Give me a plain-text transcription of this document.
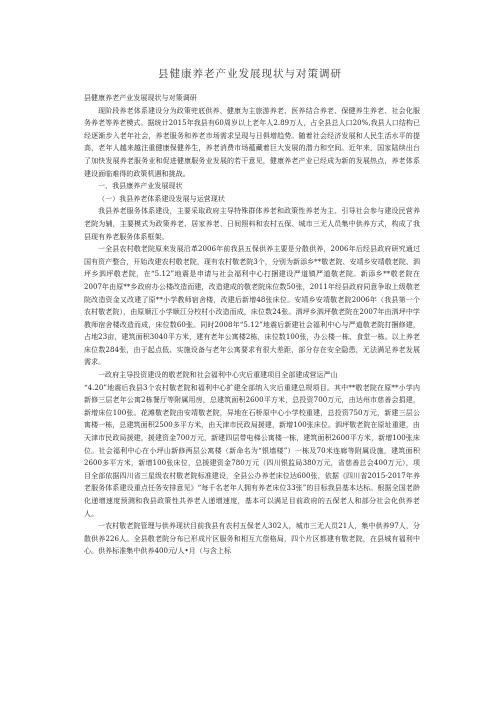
县健康养老产业发展现状与对策调研

县健康养老产业发展现状与对策调研

现阶段养老体系建设分为政策兜底供养、健康为主旅游养老、医养结合养老、保健养生养老、社会化服务养老等养老模式。据统计2015年我县有60周岁以上老年人2.89万人，占全县总人口20%,我县人口结构已经逐渐步入老年社会，养老服务和养老市场需求呈现与日俱增趋势。随着社会经济发展和人民生活水平的提高，老年人越来越注重健康保健养生，养老消费市场蕴藏着巨大发展的潜力和空间。近年来，国家陆续出台了加快发展养老服务业和促进健康服务业发展的若干意见，健康养老产业已经成为新的发展热点，养老体系建设面临难得的政策机遇和挑战。

一、我县康养产业发展现状

（一）我县养老体系建设发展与运营现状

我县养老服务体系建设，主要采取政府主导特殊群体养老和政策性养老为主、引导社会参与建设民营养老院为辅，主要模式为政策养老、居家养老、日间照料和农村五保、城市三无人员集中供养方式，构成了我县现有养老服务体系框架。

一全县农村敬老院原来发展沿革2006年前我县五保供养主要是分散供养，2006年后经县政府研究通过国有资产整合，开始改建农村敬老院，现有农村敬老院3个，分别为新添乡**敬老院、安靖乡安靖敬老院、泗坪乡泗坪敬老院，在“5.12”地震是申请与社会福利中心打捆建设严道镇严道敬老院。新添乡**敬老院在2007年由原**乡政府办公楼改造而建，改造建成的敬老院床位数50张，2011年经县政府同意争取上级敬老院改造资金又改建了原**小学教师宿舍楼，改建后新增48张床位。安靖乡安靖敬老院2006年（我县第一个农村敬老院），由原顺江小学顺江分校村小改造而成，床位数24张。泗坪乡泗坪敬老院在2007年由泗坪中学教师宿舍楼改造而成，床位数60张。同时2008年“5.12”地震后新建社会福利中心与严道敬老院打捆修建，占地23亩，建筑面积3040平方米，建有老年公寓楼2栋，床位数100张，办公楼一栋、食堂一栋。以上养老床位数284张，由于起点低、实施设备与老年公寓要求有很大差距，部分存在安全隐患，无法满足养老发展需求。

一政府主导投资建设的敬老院和社会福利中心灾后重建项目全部建成营运严山

“4.20”地震后我县3个农村敬老院和福利中心扩建全部纳入灾后重建总规项目。其中**敬老院在原**小学内新修三层老年公寓2栋餐厅等附属用房，总建筑面积2600平方米，总投资700万元，由达州市慈善会捐建，新增床位100张。花滩敬老院由安靖敬老院，异地在石桥原中心小学校重建，总投资750万元，新建三层公寓楼一栋，总建筑面积2500多平方米，由天津市民政局援建，新增100张床位。泗坪敬老院在原址重建，由天津市民政局援建，援建资金700万元，新建四层带电梯公寓楼一栋，建筑面积2600平方米，新增100张床位。社会福利中心在小坪山新修两层公寓楼（新命名为“银墙楼”）一栋及70米连廊等附属设施，建筑面积2600多平方米，新增100张床位，总援建资金780万元（四川银监局380万元，省慈善总会400万元），项目全部依据四川省三星级农村敬老院标准建设，全县公办养老床位达600张，依据《四川省2015-2017年养老服务体系建设重点任务安排意见》“每千名老年人拥有养老床位33张”的目标我县基本达标。根据全国老龄化递增速度预测和我县政策性共养老人递增速度，基本可以满足目前政府的五保老人和部分社会化供养老人。

一农村敬老院管理与供养现状目前我县有农村五保老人302人，城市三无人员21人，集中供养97人，分散供养226人。全县敬老院分布已形成片区服务和相互亢偿格局，四个片区都建有敬老院，在县城有福利中心。供养标准集中供养400元/人•月（与含上标
